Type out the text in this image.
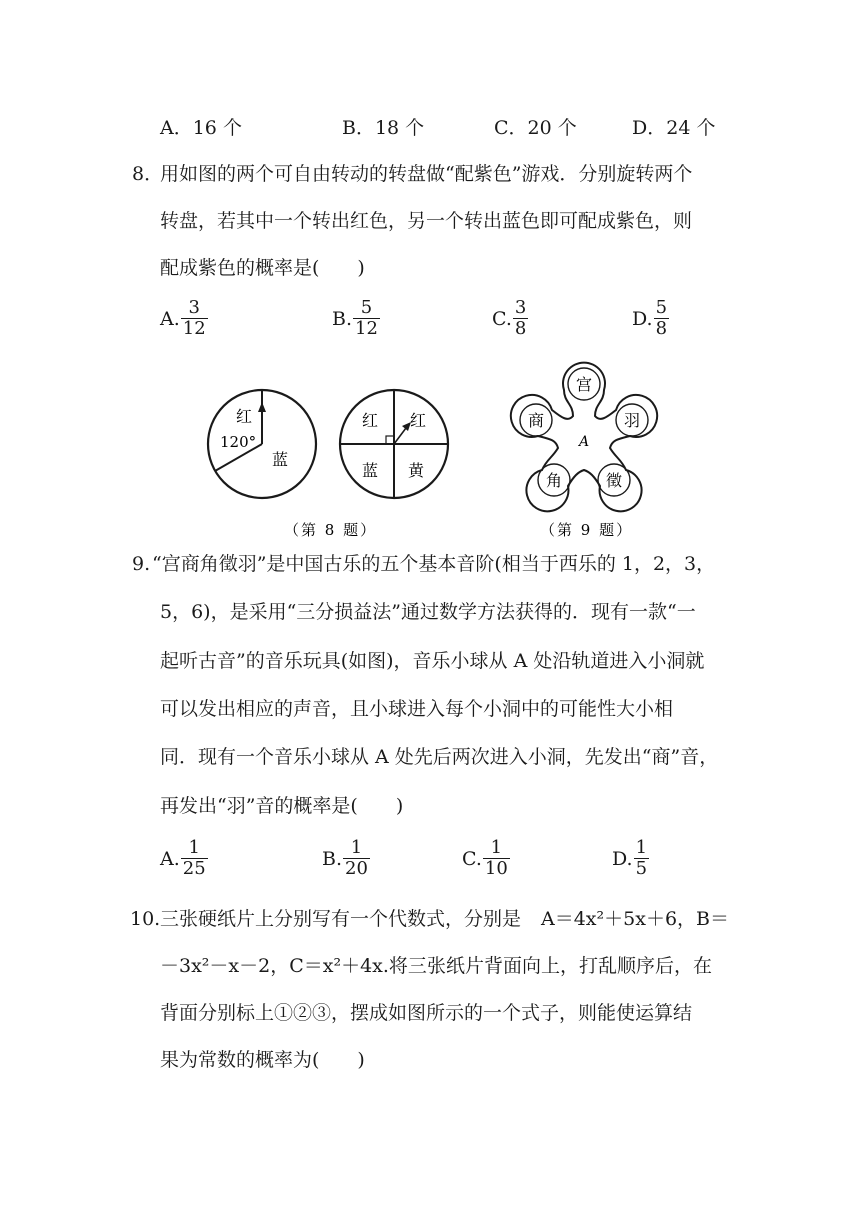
A．16 个	B．18 个	C．20 个	D．24 个
8．
用如图的两个可自由转动的转盘做“配紫色”游戏．分别旋转两个
转盘，若其中一个转出红色，另一个转出蓝色即可配成紫色，则
配成紫色的概率是(　　)
A. $\frac{3}{12}$	B. $\frac{5}{12}$	C. $\frac{3}{8}$	D. $\frac{5}{8}$
红
120°
蓝
红 红
蓝 黄
宫
羽
徵
角
商
A
（第 8 题）	（第 9 题）
9. “宫商角徵羽”是中国古乐的五个基本音阶(相当于西乐的 1，2，3，
5，6)，是采用“三分损益法”通过数学方法获得的．现有一款“一
起听古音”的音乐玩具(如图)，音乐小球从 A 处沿轨道进入小洞就
可以发出相应的声音，且小球进入每个小洞中的可能性大小相
同．现有一个音乐小球从 A 处先后两次进入小洞，先发出“商”音，
再发出“羽”音的概率是(　　)
A. $\frac{1}{25}$	B. $\frac{1}{20}$	C. $\frac{1}{10}$	D. $\frac{1}{5}$
10. 三张硬纸片上分别写有一个代数式，分别是 A＝4x²＋5x＋6，B＝
－3x²－x－2，C＝x²＋4x.将三张纸片背面向上，打乱顺序后，在
背面分别标上①②③，摆成如图所示的一个式子，则能使运算结
果为常数的概率为(　　)
